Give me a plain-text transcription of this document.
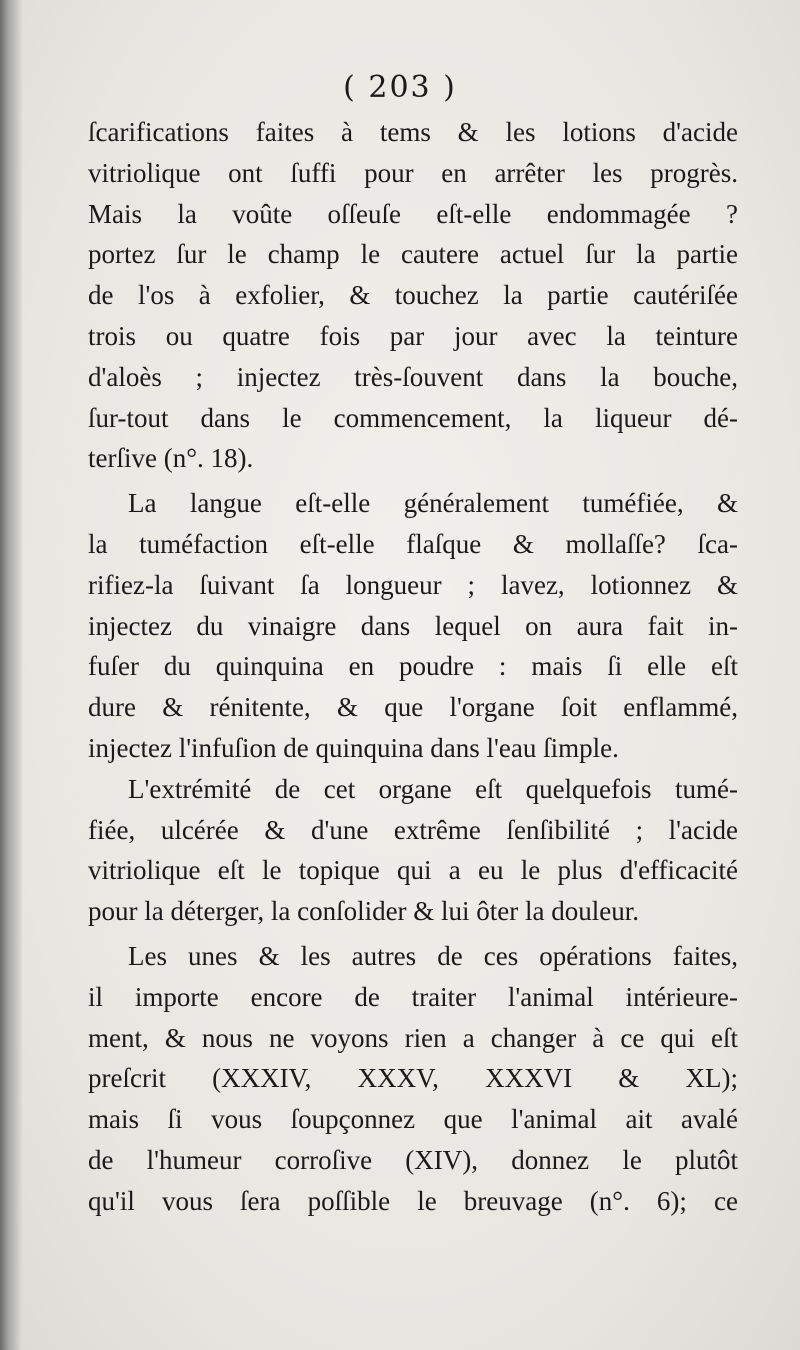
( 203 )
ſcarifications faites à tems & les lotions d'acide
vitriolique ont ſuffi pour en arrêter les progrès.
Mais la voûte oſſeuſe eſt-elle endommagée ?
portez ſur le champ le cautere actuel ſur la partie
de l'os à exfolier, & touchez la partie cautériſée
trois ou quatre fois par jour avec la teinture
d'aloès ; injectez très-ſouvent dans la bouche,
ſur-tout dans le commencement, la liqueur dé-
terſive (n°. 18).
La langue eſt-elle généralement tuméfiée, &
la tuméfaction eſt-elle flaſque & mollaſſe? ſca-
rifiez-la ſuivant ſa longueur ; lavez, lotionnez &
injectez du vinaigre dans lequel on aura fait in-
fuſer du quinquina en poudre : mais ſi elle eſt
dure & rénitente, & que l'organe ſoit enflammé,
injectez l'infuſion de quinquina dans l'eau ſimple.
L'extrémité de cet organe eſt quelquefois tumé-
fiée, ulcérée & d'une extrême ſenſibilité ; l'acide
vitriolique eſt le topique qui a eu le plus d'efficacité
pour la déterger, la conſolider & lui ôter la douleur.
Les unes & les autres de ces opérations faites,
il importe encore de traiter l'animal intérieure-
ment, & nous ne voyons rien a changer à ce qui eſt
preſcrit (XXXIV, XXXV, XXXVI & XL);
mais ſi vous ſoupçonnez que l'animal ait avalé
de l'humeur corroſive (XIV), donnez le plutôt
qu'il vous ſera poſſible le breuvage (n°. 6); ce
